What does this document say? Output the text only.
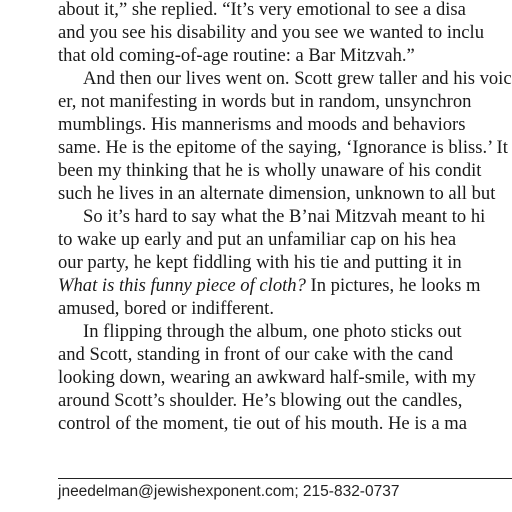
about it,” she replied. “It’s very emotional to see a disa
and you see his disability and you see we wanted to inclu
that old coming-of-age routine: a Bar Mitzvah.”
And then our lives went on. Scott grew taller and his voic
er, not manifesting in words but in random, unsynchron
mumblings. His mannerisms and moods and behaviors
same. He is the epitome of the saying, ‘Ignorance is bliss.’ It
been my thinking that he is wholly unaware of his condit
such he lives in an alternate dimension, unknown to all but
So it’s hard to say what the B’nai Mitzvah meant to hi
to wake up early and put an unfamiliar cap on his hea
our party, he kept fiddling with his tie and putting it in
What is this funny piece of cloth? In pictures, he looks m
amused, bored or indifferent.
In flipping through the album, one photo sticks out
and Scott, standing in front of our cake with the cand
looking down, wearing an awkward half-smile, with my
around Scott’s shoulder. He’s blowing out the candles,
control of the moment, tie out of his mouth. He is a ma
jneedelman@jewishexponent.com; 215-832-0737
